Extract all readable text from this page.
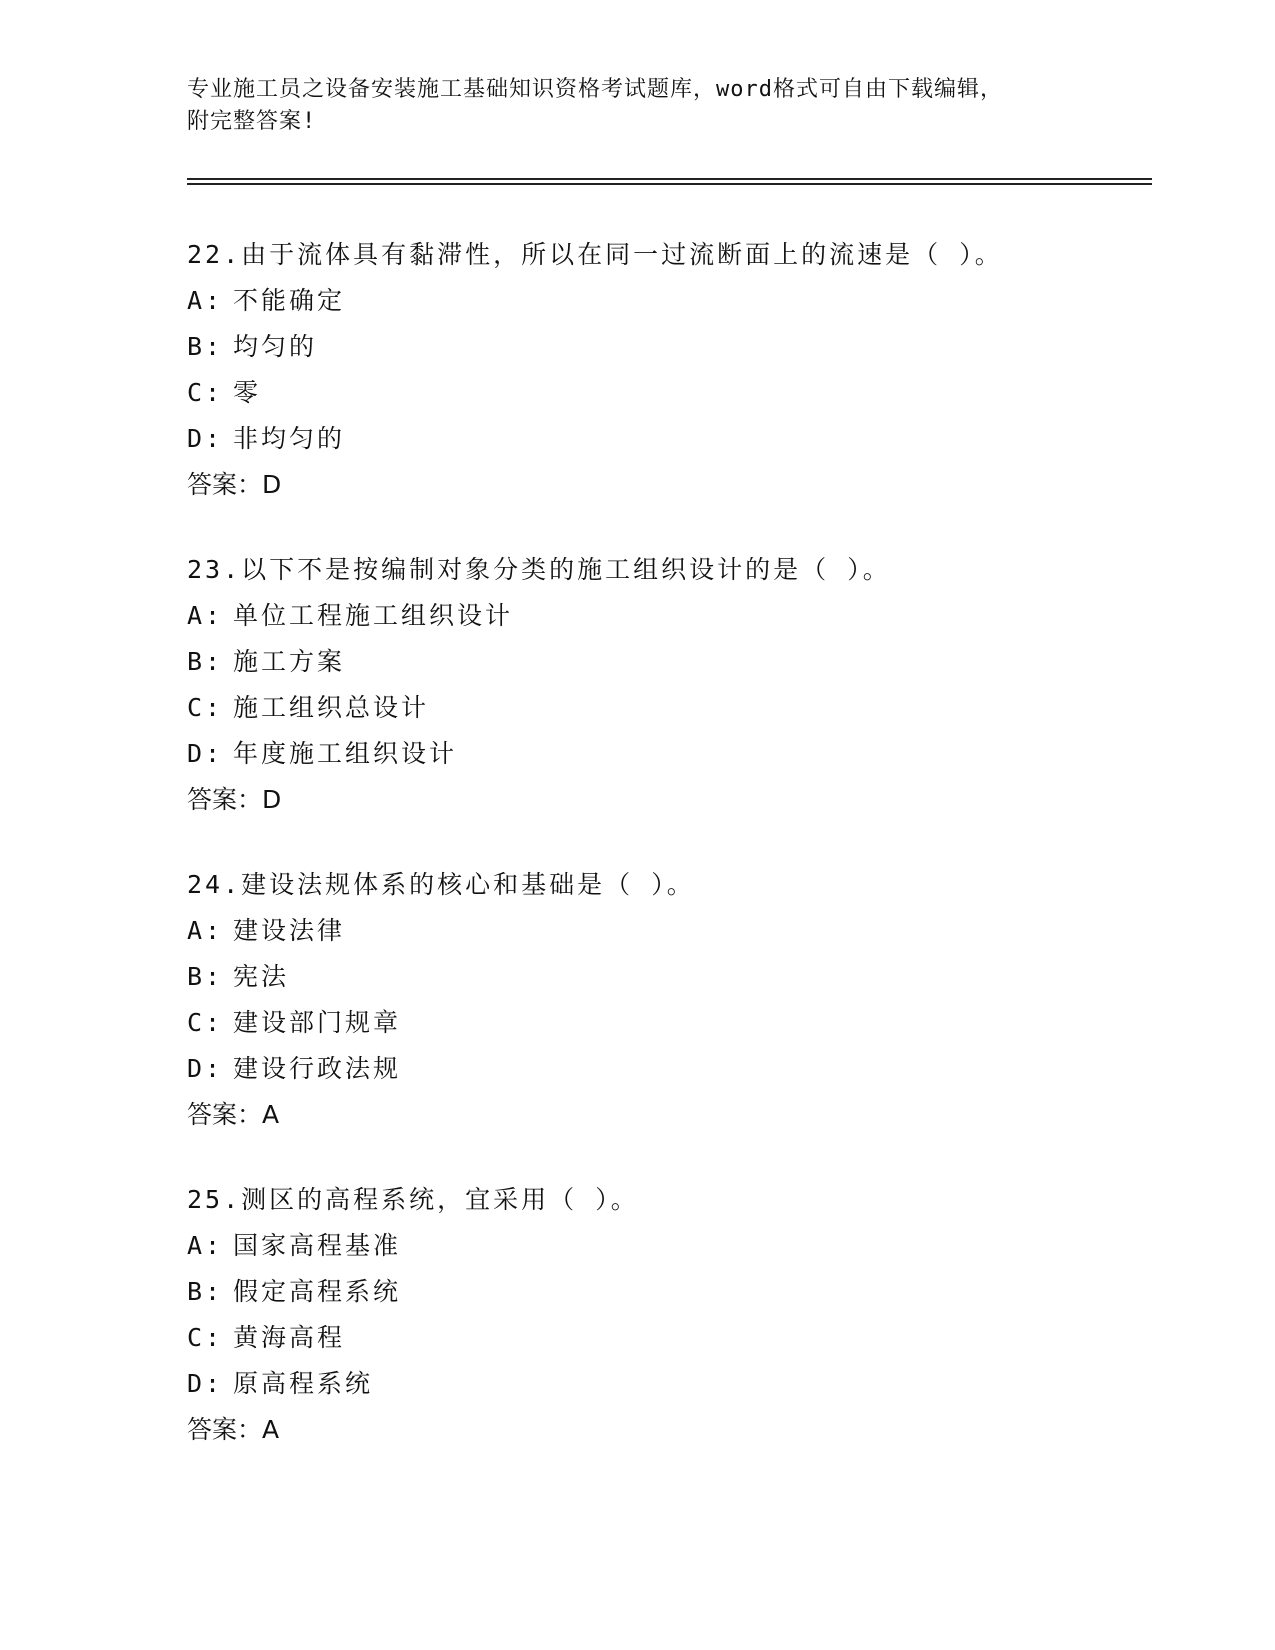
专业施工员之设备安装施工基础知识资格考试题库，word格式可自由下载编辑，
附完整答案!
22.由于流体具有黏滞性，所以在同一过流断面上的流速是（ ）。
A: 不能确定
B: 均匀的
C: 零
D: 非均匀的
答案：D
23.以下不是按编制对象分类的施工组织设计的是（ ）。
A: 单位工程施工组织设计
B: 施工方案
C: 施工组织总设计
D: 年度施工组织设计
答案：D
24.建设法规体系的核心和基础是（ ）。
A: 建设法律
B: 宪法
C: 建设部门规章
D: 建设行政法规
答案：A
25.测区的高程系统，宜采用（ ）。
A: 国家高程基准
B: 假定高程系统
C: 黄海高程
D: 原高程系统
答案：A
